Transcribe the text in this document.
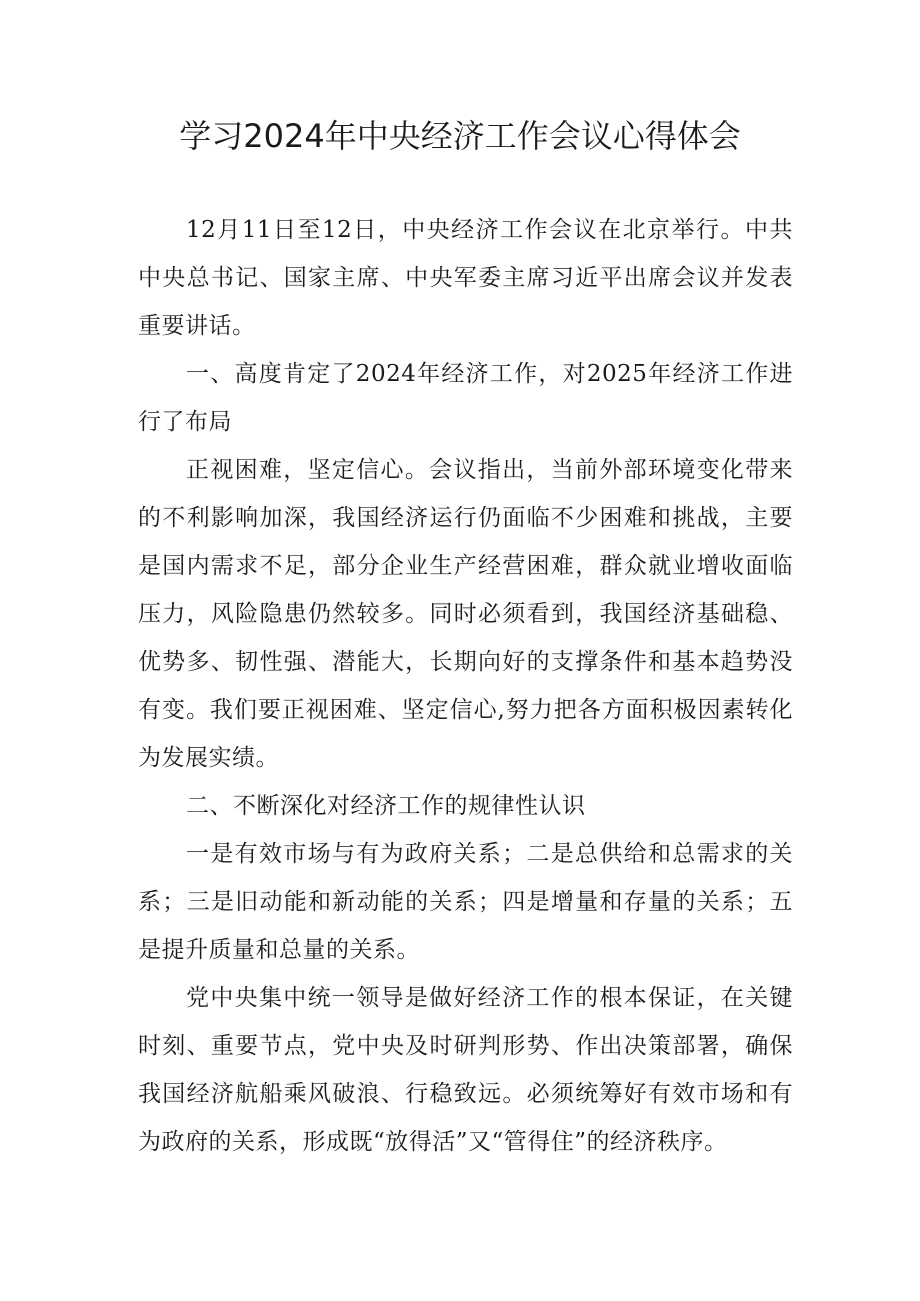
学习2024年中央经济工作会议心得体会

12月11日至12日，中央经济工作会议在北京举行。中共中央总书记、国家主席、中央军委主席习近平出席会议并发表重要讲话。

一、高度肯定了2024年经济工作，对2025年经济工作进行了布局

正视困难，坚定信心。会议指出，当前外部环境变化带来的不利影响加深，我国经济运行仍面临不少困难和挑战，主要是国内需求不足，部分企业生产经营困难，群众就业增收面临压力，风险隐患仍然较多。同时必须看到，我国经济基础稳、优势多、韧性强、潜能大，长期向好的支撑条件和基本趋势没有变。我们要正视困难、坚定信心,努力把各方面积极因素转化为发展实绩。

二、不断深化对经济工作的规律性认识

一是有效市场与有为政府关系；二是总供给和总需求的关系；三是旧动能和新动能的关系；四是增量和存量的关系；五是提升质量和总量的关系。

党中央集中统一领导是做好经济工作的根本保证，在关键时刻、重要节点，党中央及时研判形势、作出决策部署，确保我国经济航船乘风破浪、行稳致远。必须统筹好有效市场和有为政府的关系，形成既“放得活”又“管得住”的经济秩序。
